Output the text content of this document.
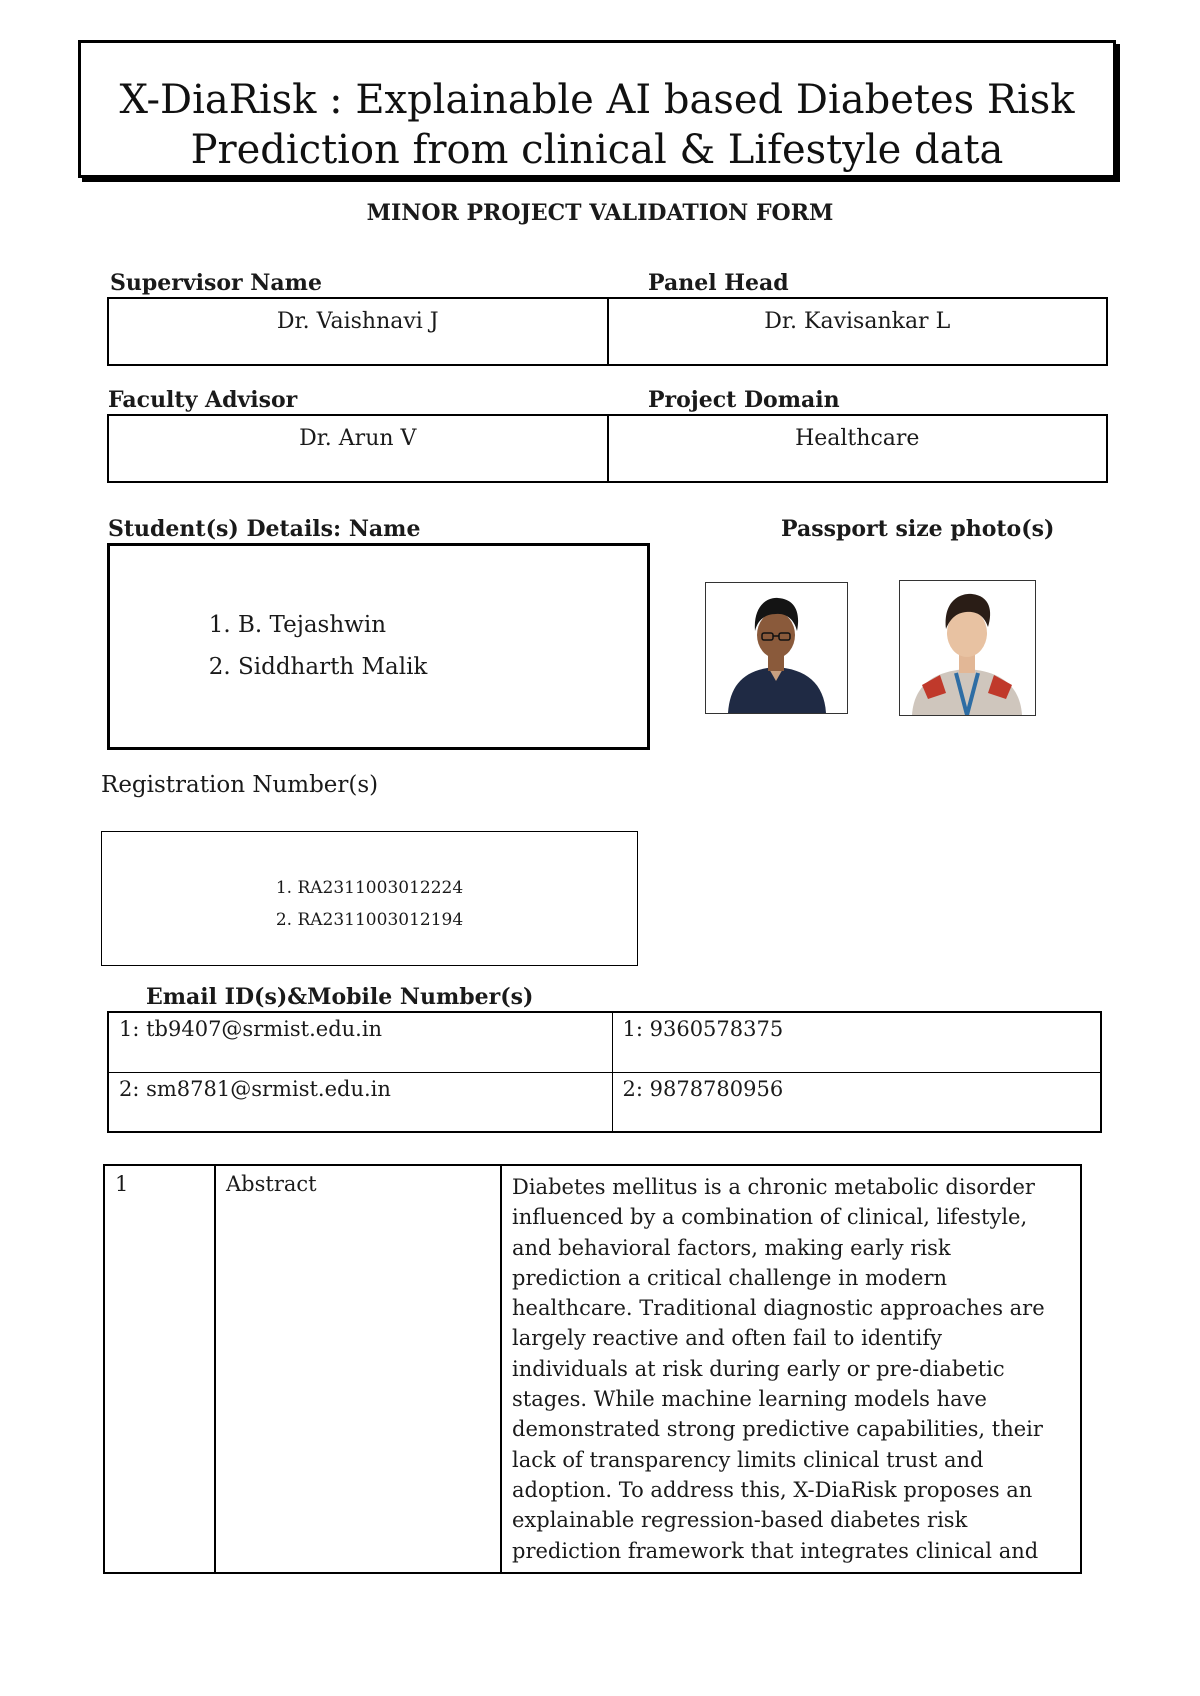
X-DiaRisk : Explainable AI based Diabetes Risk
Prediction from clinical & Lifestyle data
MINOR PROJECT VALIDATION FORM
Supervisor Name	Panel Head
Dr. Vaishnavi J	Dr. Kavisankar L
Faculty Advisor	Project Domain
Dr. Arun V	Healthcare
Student(s) Details: Name	Passport size photo(s)
1. B. Tejashwin
2. Siddharth Malik
Registration Number(s)
1. RA2311003012224
2. RA2311003012194
Email ID(s)&Mobile Number(s)
1: tb9407@srmist.edu.in	1: 9360578375
2: sm8781@srmist.edu.in	2: 9878780956
1	Abstract	Diabetes mellitus is a chronic metabolic disorder
influenced by a combination of clinical, lifestyle,
and behavioral factors, making early risk
prediction a critical challenge in modern
healthcare. Traditional diagnostic approaches are
largely reactive and often fail to identify
individuals at risk during early or pre-diabetic
stages. While machine learning models have
demonstrated strong predictive capabilities, their
lack of transparency limits clinical trust and
adoption. To address this, X-DiaRisk proposes an
explainable regression-based diabetes risk
prediction framework that integrates clinical and
